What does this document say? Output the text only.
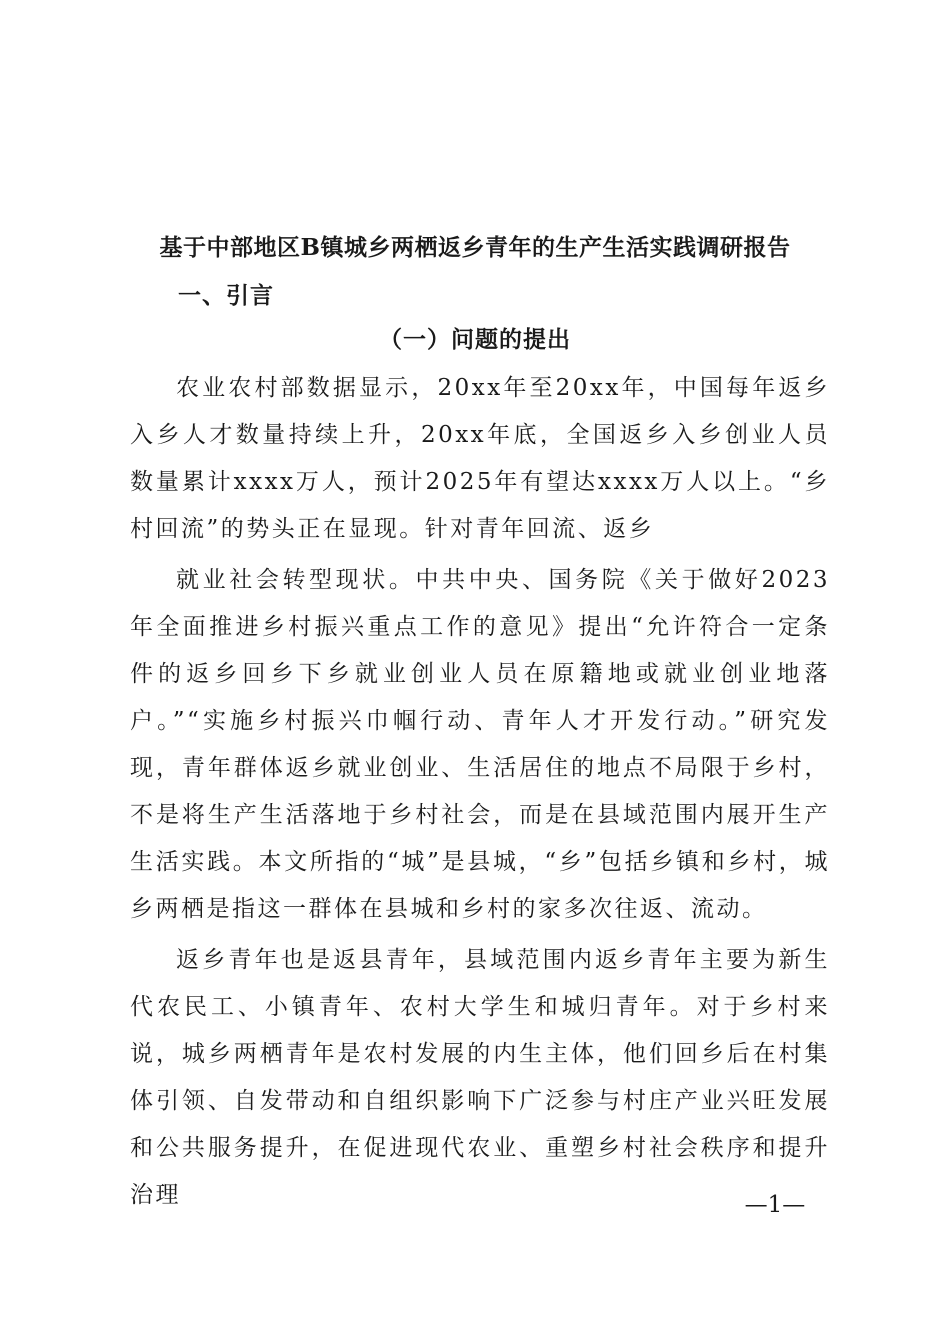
基于中部地区B镇城乡两栖返乡青年的生产生活实践调研报告
一、引言
（一）问题的提出

农业农村部数据显示，20xx年至20xx年，中国每年返乡入乡人才数量持续上升，20xx年底，全国返乡入乡创业人员数量累计xxxx万人，预计2025年有望达xxxx万人以上。“乡村回流”的势头正在显现。针对青年回流、返乡

就业社会转型现状。中共中央、国务院《关于做好2023年全面推进乡村振兴重点工作的意见》提出“允许符合一定条件的返乡回乡下乡就业创业人员在原籍地或就业创业地落户。”“实施乡村振兴巾帼行动、青年人才开发行动。”研究发现，青年群体返乡就业创业、生活居住的地点不局限于乡村，不是将生产生活落地于乡村社会，而是在县域范围内展开生产生活实践。本文所指的“城”是县城，“乡”包括乡镇和乡村，城乡两栖是指这一群体在县城和乡村的家多次往返、流动。

返乡青年也是返县青年，县域范围内返乡青年主要为新生代农民工、小镇青年、农村大学生和城归青年。对于乡村来说，城乡两栖青年是农村发展的内生主体，他们回乡后在村集体引领、自发带动和自组织影响下广泛参与村庄产业兴旺发展和公共服务提升，在促进现代农业、重塑乡村社会秩序和提升治理	—1—
